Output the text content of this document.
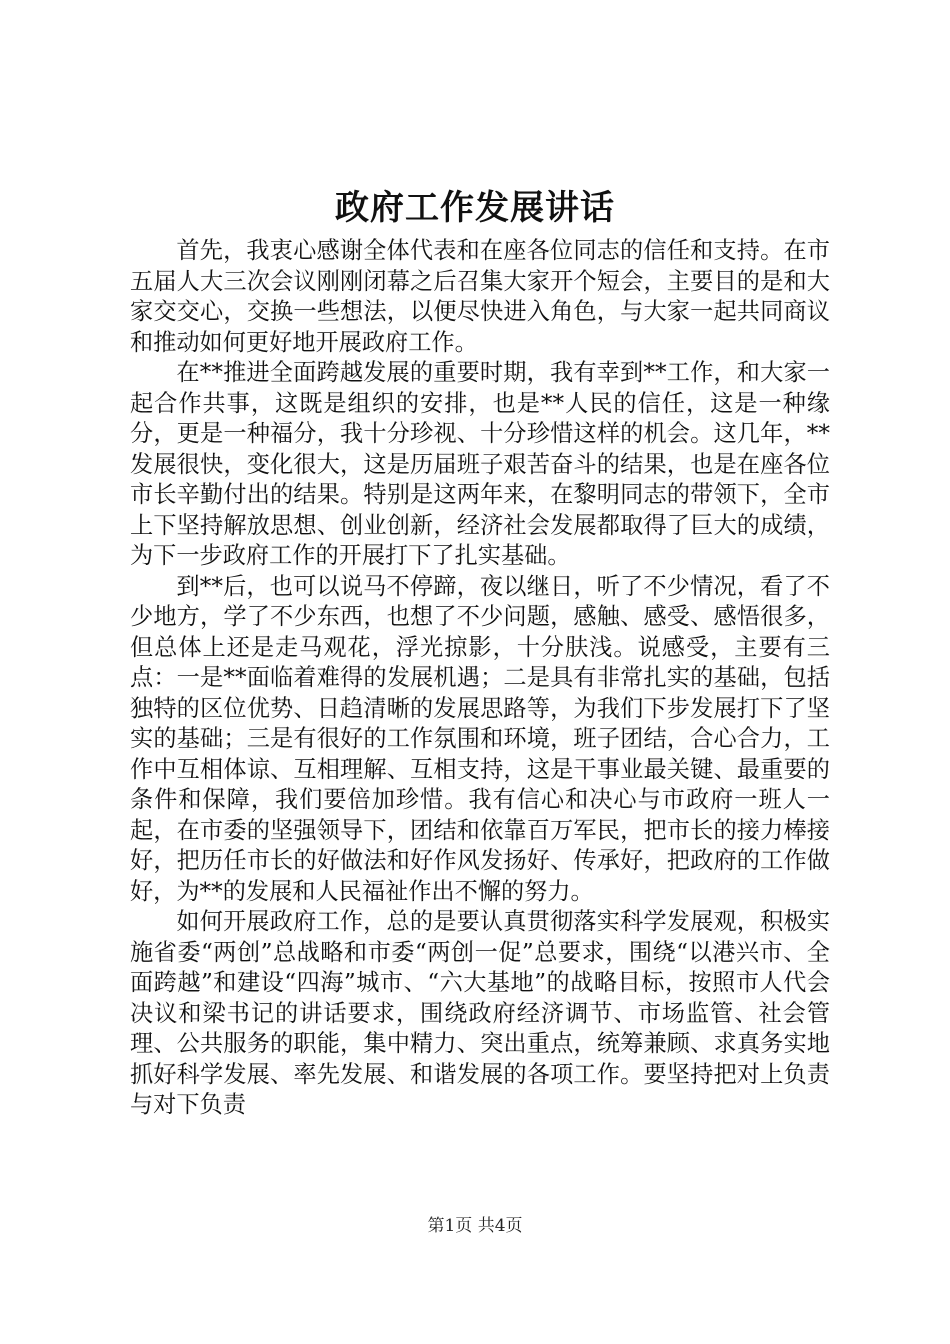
政府工作发展讲话

首先，我衷心感谢全体代表和在座各位同志的信任和支持。在市五届人大三次会议刚刚闭幕之后召集大家开个短会，主要目的是和大家交交心，交换一些想法，以便尽快进入角色，与大家一起共同商议和推动如何更好地开展政府工作。

在**推进全面跨越发展的重要时期，我有幸到**工作，和大家一起合作共事，这既是组织的安排，也是**人民的信任，这是一种缘分，更是一种福分，我十分珍视、十分珍惜这样的机会。这几年，**发展很快，变化很大，这是历届班子艰苦奋斗的结果，也是在座各位市长辛勤付出的结果。特别是这两年来，在黎明同志的带领下，全市上下坚持解放思想、创业创新，经济社会发展都取得了巨大的成绩，为下一步政府工作的开展打下了扎实基础。

到**后，也可以说马不停蹄，夜以继日，听了不少情况，看了不少地方，学了不少东西，也想了不少问题，感触、感受、感悟很多，但总体上还是走马观花，浮光掠影，十分肤浅。说感受，主要有三点：一是**面临着难得的发展机遇；二是具有非常扎实的基础，包括独特的区位优势、日趋清晰的发展思路等，为我们下步发展打下了坚实的基础；三是有很好的工作氛围和环境，班子团结，合心合力，工作中互相体谅、互相理解、互相支持，这是干事业最关键、最重要的条件和保障，我们要倍加珍惜。我有信心和决心与市政府一班人一起，在市委的坚强领导下，团结和依靠百万军民，把市长的接力棒接好，把历任市长的好做法和好作风发扬好、传承好，把政府的工作做好，为**的发展和人民福祉作出不懈的努力。

如何开展政府工作，总的是要认真贯彻落实科学发展观，积极实施省委“两创”总战略和市委“两创一促”总要求，围绕“以港兴市、全面跨越”和建设“四海”城市、“六大基地”的战略目标，按照市人代会决议和梁书记的讲话要求，围绕政府经济调节、市场监管、社会管理、公共服务的职能，集中精力、突出重点，统筹兼顾、求真务实地抓好科学发展、率先发展、和谐发展的各项工作。要坚持把对上负责与对下负责

第1页 共4页
